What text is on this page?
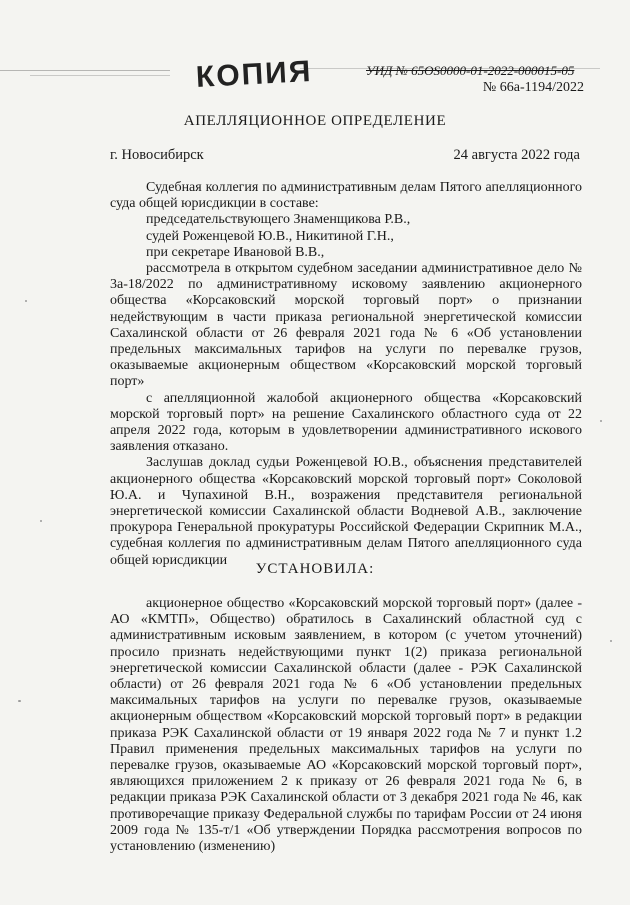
КОПИЯ	УИД № 65OS0000-01-2022-000015-05
№ 66а-1194/2022
АПЕЛЛЯЦИОННОЕ ОПРЕДЕЛЕНИЕ
г. Новосибирск	24 августа 2022 года

Судебная коллегия по административным делам Пятого апелляционного суда общей юрисдикции в составе:

председательствующего Знаменщикова Р.В.,

судей Роженцевой Ю.В., Никитиной Г.Н.,

при секретаре Ивановой В.В.,

рассмотрела в открытом судебном заседании административное дело № 3а-18/2022 по административному исковому заявлению акционерного общества «Корсаковский морской торговый порт» о признании недействующим в части приказа региональной энергетической комиссии Сахалинской области от 26 февраля 2021 года № 6 «Об установлении предельных максимальных тарифов на услуги по перевалке грузов, оказываемые акционерным обществом «Корсаковский морской торговый порт»

с апелляционной жалобой акционерного общества «Корсаковский морской торговый порт» на решение Сахалинского областного суда от 22 апреля 2022 года, которым в удовлетворении административного искового заявления отказано.

Заслушав доклад судьи Роженцевой Ю.В., объяснения представителей акционерного общества «Корсаковский морской торговый порт» Соколовой Ю.А. и Чупахиной В.Н., возражения представителя региональной энергетической комиссии Сахалинской области Водневой А.В., заключение прокурора Генеральной прокуратуры Российской Федерации Скрипник М.А., судебная коллегия по административным делам Пятого апелляционного суда общей юрисдикции

УСТАНОВИЛА:

акционерное общество «Корсаковский морской торговый порт» (далее - АО «КМТП», Общество) обратилось в Сахалинский областной суд с административным исковым заявлением, в котором (с учетом уточнений) просило признать недействующими пункт 1(2) приказа региональной энергетической комиссии Сахалинской области (далее - РЭК Сахалинской области) от 26 февраля 2021 года № 6 «Об установлении предельных максимальных тарифов на услуги по перевалке грузов, оказываемые акционерным обществом «Корсаковский морской торговый порт» в редакции приказа РЭК Сахалинской области от 19 января 2022 года № 7 и пункт 1.2 Правил применения предельных максимальных тарифов на услуги по перевалке грузов, оказываемые АО «Корсаковский морской торговый порт», являющихся приложением 2 к приказу от 26 февраля 2021 года № 6, в редакции приказа РЭК Сахалинской области от 3 декабря 2021 года № 46, как противоречащие приказу Федеральной службы по тарифам России от 24 июня 2009 года № 135-т/1 «Об утверждении Порядка рассмотрения вопросов по установлению (изменению)
